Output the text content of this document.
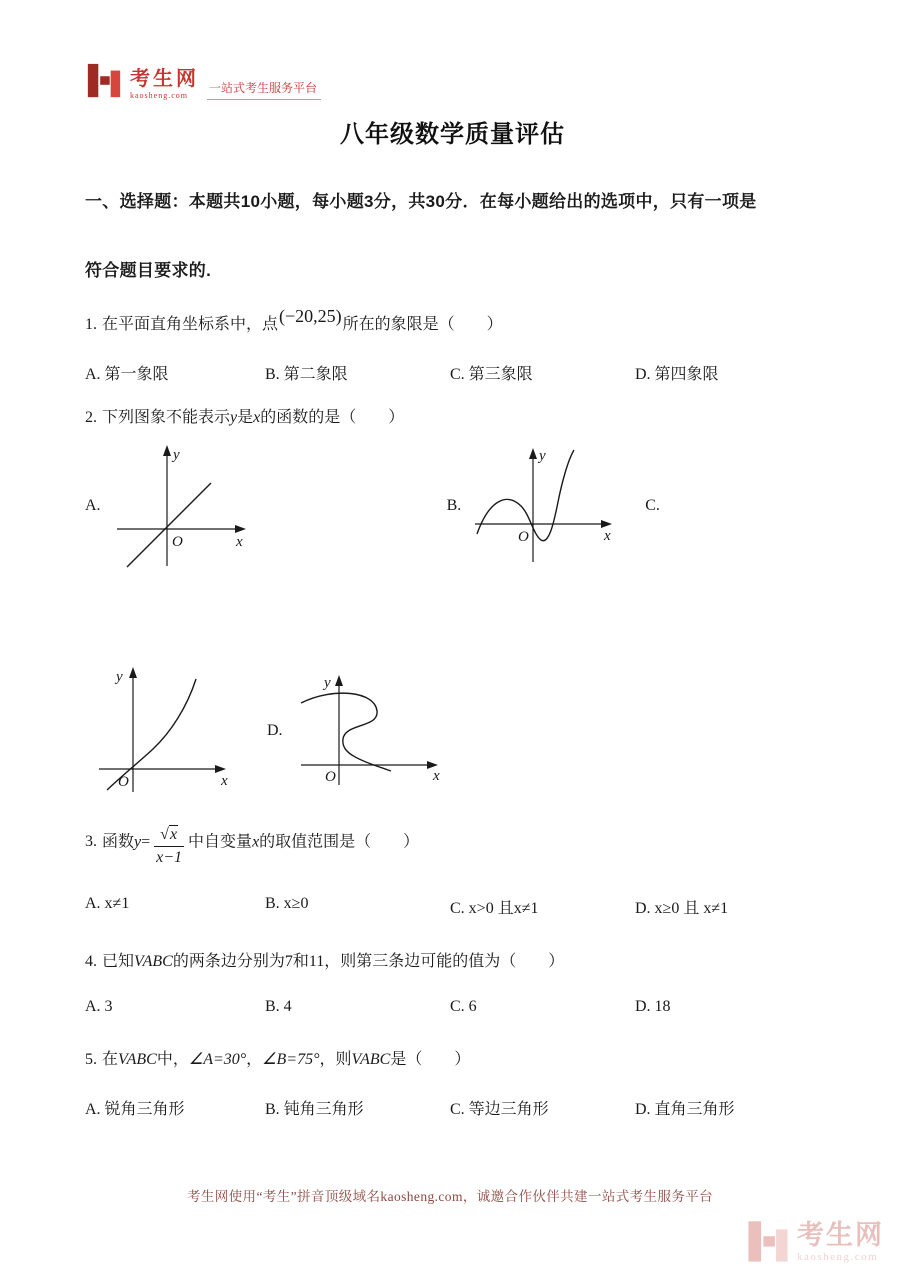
考生网
kaosheng.com
一站式考生服务平台
八年级数学质量评估

一、选择题：本题共10小题，每小题3分，共30分．在每小题给出的选项中，只有一项是

符合题目要求的.

1. 在平面直角坐标系中，点(−20,25)所在的象限是（　　）

A. 第一象限	B. 第二象限	C. 第三象限	D. 第四象限

2. 下列图象不能表示y是x的函数的是（　　）

A.
y
x
O
B.
y
x
O
C.
y
x
O
D.
y
x
O

3. 函数$y= \frac{√x}{x-1}$ 中自变量x的取值范围是（　　）

A. x≠1	B. x≥0	C. x>0 且x≠1	D. x≥0 且 x≠1

4. 已知VABC的两条边分别为7和11，则第三条边可能的值为（　　）

A. 3	B. 4	C. 6	D. 18

5. 在VABC中，∠A=30°，∠B=75°，则VABC是（　　）

A. 锐角三角形	B. 钝角三角形	C. 等边三角形	D. 直角三角形

考生网使用“考生”拼音顶级域名kaosheng.com，诚邀合作伙伴共建一站式考生服务平台

考生网
kaosheng.com
